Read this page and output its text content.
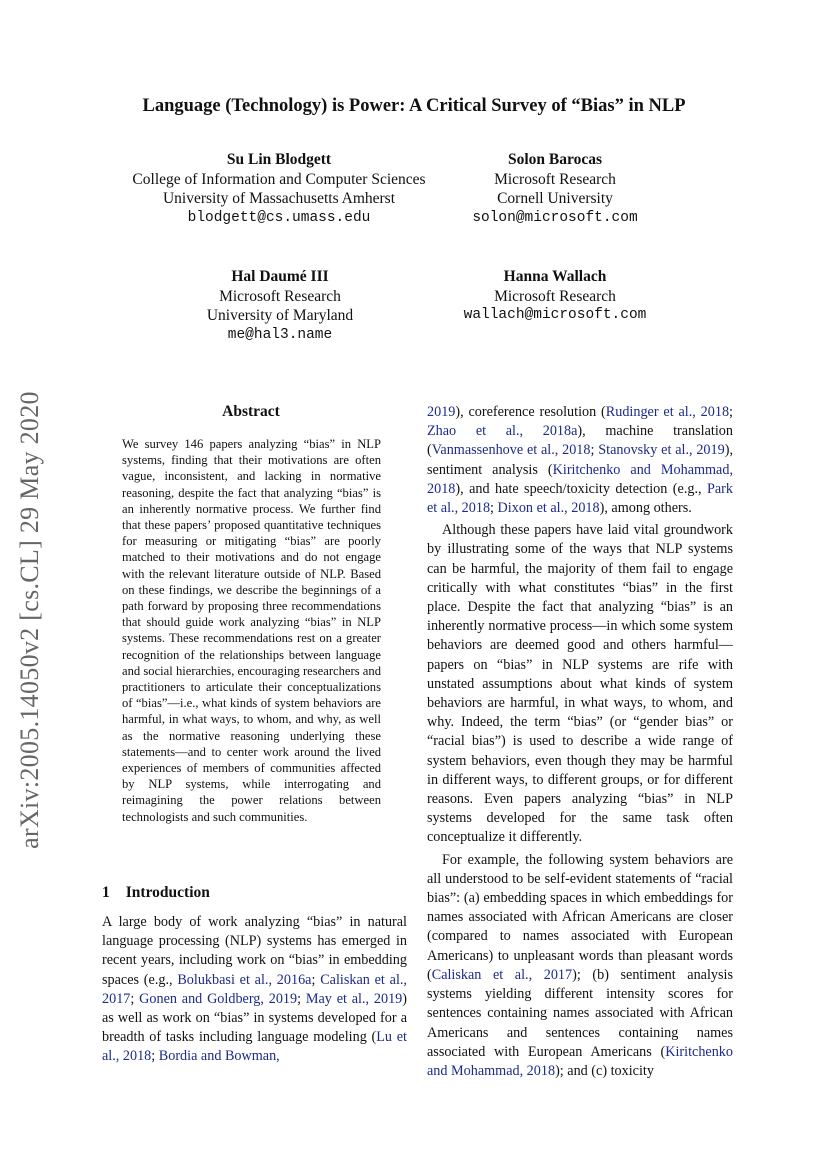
Language (Technology) is Power: A Critical Survey of “Bias” in NLP
Su Lin Blodgett
College of Information and Computer Sciences
University of Massachusetts Amherst
blodgett@cs.umass.edu
Solon Barocas
Microsoft Research
Cornell University
solon@microsoft.com
Hal Daumé III
Microsoft Research
University of Maryland
me@hal3.name
Hanna Wallach
Microsoft Research
wallach@microsoft.com
arXiv:2005.14050v2 [cs.CL] 29 May 2020	Abstract
We survey 146 papers analyzing “bias” in NLP systems, finding that their motivations are often vague, inconsistent, and lacking in normative reasoning, despite the fact that analyzing “bias” is an inherently normative process. We further find that these papers’ proposed quantitative techniques for measuring or mitigating “bias” are poorly matched to their motivations and do not engage with the relevant literature outside of NLP. Based on these findings, we describe the beginnings of a path forward by proposing three recommendations that should guide work analyzing “bias” in NLP systems. These recommendations rest on a greater recognition of the relationships between language and social hierarchies, encouraging researchers and practitioners to articulate their conceptualizations of “bias”—i.e., what kinds of system behaviors are harmful, in what ways, to whom, and why, as well as the normative reasoning underlying these statements—and to center work around the lived experiences of members of communities affected by NLP systems, while interrogating and reimagining the power relations between technologists and such communities.
1 Introduction

A large body of work analyzing “bias” in natural language processing (NLP) systems has emerged in recent years, including work on “bias” in embedding spaces (e.g., Bolukbasi et al., 2016a; Caliskan et al., 2017; Gonen and Goldberg, 2019; May et al., 2019) as well as work on “bias” in systems developed for a breadth of tasks including language modeling (Lu et al., 2018; Bordia and Bowman,

2019), coreference resolution (Rudinger et al., 2018; Zhao et al., 2018a), machine translation (Vanmassenhove et al., 2018; Stanovsky et al., 2019), sentiment analysis (Kiritchenko and Mohammad, 2018), and hate speech/toxicity detection (e.g., Park et al., 2018; Dixon et al., 2018), among others.

Although these papers have laid vital groundwork by illustrating some of the ways that NLP systems can be harmful, the majority of them fail to engage critically with what constitutes “bias” in the first place. Despite the fact that analyzing “bias” is an inherently normative process—in which some system behaviors are deemed good and others harmful—papers on “bias” in NLP systems are rife with unstated assumptions about what kinds of system behaviors are harmful, in what ways, to whom, and why. Indeed, the term “bias” (or “gender bias” or “racial bias”) is used to describe a wide range of system behaviors, even though they may be harmful in different ways, to different groups, or for different reasons. Even papers analyzing “bias” in NLP systems developed for the same task often conceptualize it differently.

For example, the following system behaviors are all understood to be self-evident statements of “racial bias”: (a) embedding spaces in which embeddings for names associated with African Americans are closer (compared to names associated with European Americans) to unpleasant words than pleasant words (Caliskan et al., 2017); (b) sentiment analysis systems yielding different intensity scores for sentences containing names associated with African Americans and sentences containing names associated with European Americans (Kiritchenko and Mohammad, 2018); and (c) toxicity
